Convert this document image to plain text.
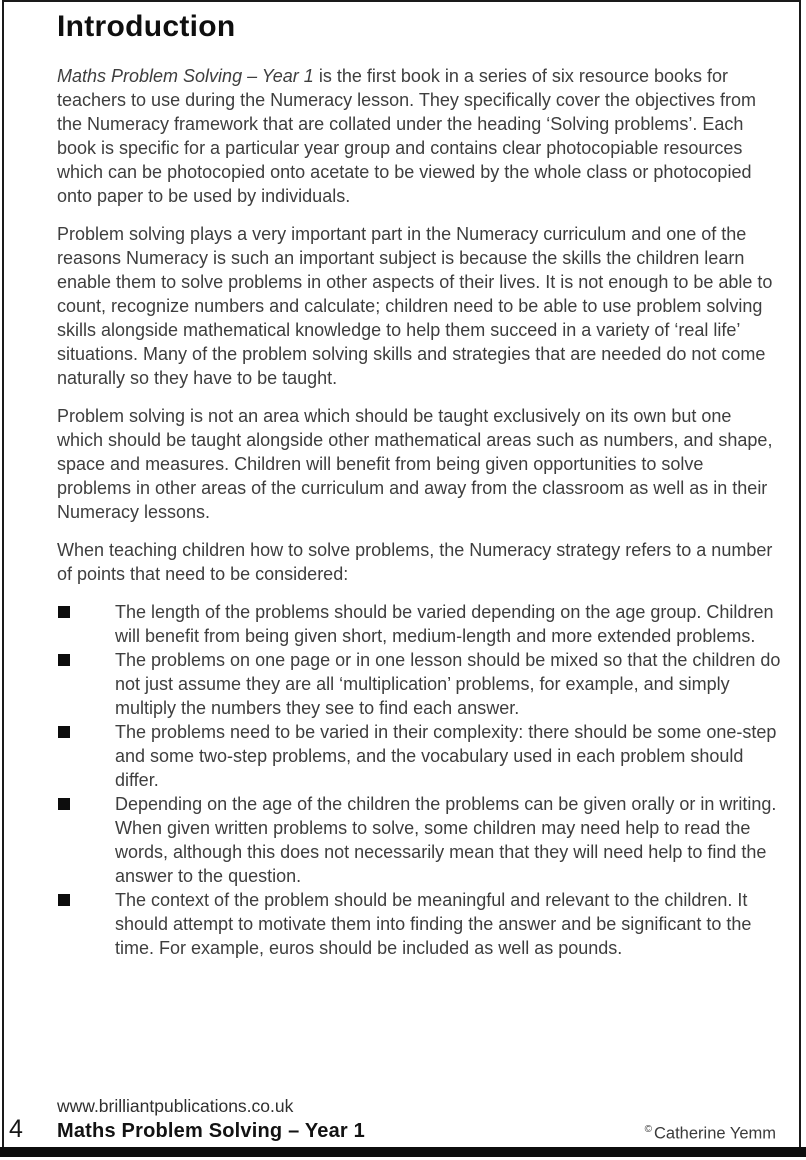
Introduction

Maths Problem Solving – Year 1 is the first book in a series of six resource books for teachers to use during the Numeracy lesson. They specifically cover the objectives from the Numeracy framework that are collated under the heading ‘Solving problems’. Each book is specific for a particular year group and contains clear photocopiable resources which can be photocopied onto acetate to be viewed by the whole class or photocopied onto paper to be used by individuals.

Problem solving plays a very important part in the Numeracy curriculum and one of the reasons Numeracy is such an important subject is because the skills the children learn enable them to solve problems in other aspects of their lives. It is not enough to be able to count, recognize numbers and calculate; children need to be able to use problem solving skills alongside mathematical knowledge to help them succeed in a variety of ‘real life’ situations. Many of the problem solving skills and strategies that are needed do not come naturally so they have to be taught.

Problem solving is not an area which should be taught exclusively on its own but one which should be taught alongside other mathematical areas such as numbers, and shape, space and measures. Children will benefit from being given opportunities to solve problems in other areas of the curriculum and away from the classroom as well as in their Numeracy lessons.

When teaching children how to solve problems, the Numeracy strategy refers to a number of points that need to be considered:

The length of the problems should be varied depending on the age group. Children will benefit from being given short, medium-length and more extended problems.
The problems on one page or in one lesson should be mixed so that the children do not just assume they are all ‘multiplication’ problems, for example, and simply multiply the numbers they see to find each answer.
The problems need to be varied in their complexity: there should be some one-step and some two-step problems, and the vocabulary used in each problem should differ.
Depending on the age of the children the problems can be given orally or in writing. When given written problems to solve, some children may need help to read the words, although this does not necessarily mean that they will need help to find the answer to the question.
The context of the problem should be meaningful and relevant to the children. It should attempt to motivate them into finding the answer and be significant to the time. For example, euros should be included as well as pounds.
www.brilliantpublications.co.uk
4 Maths Problem Solving – Year 1	© Catherine Yemm
